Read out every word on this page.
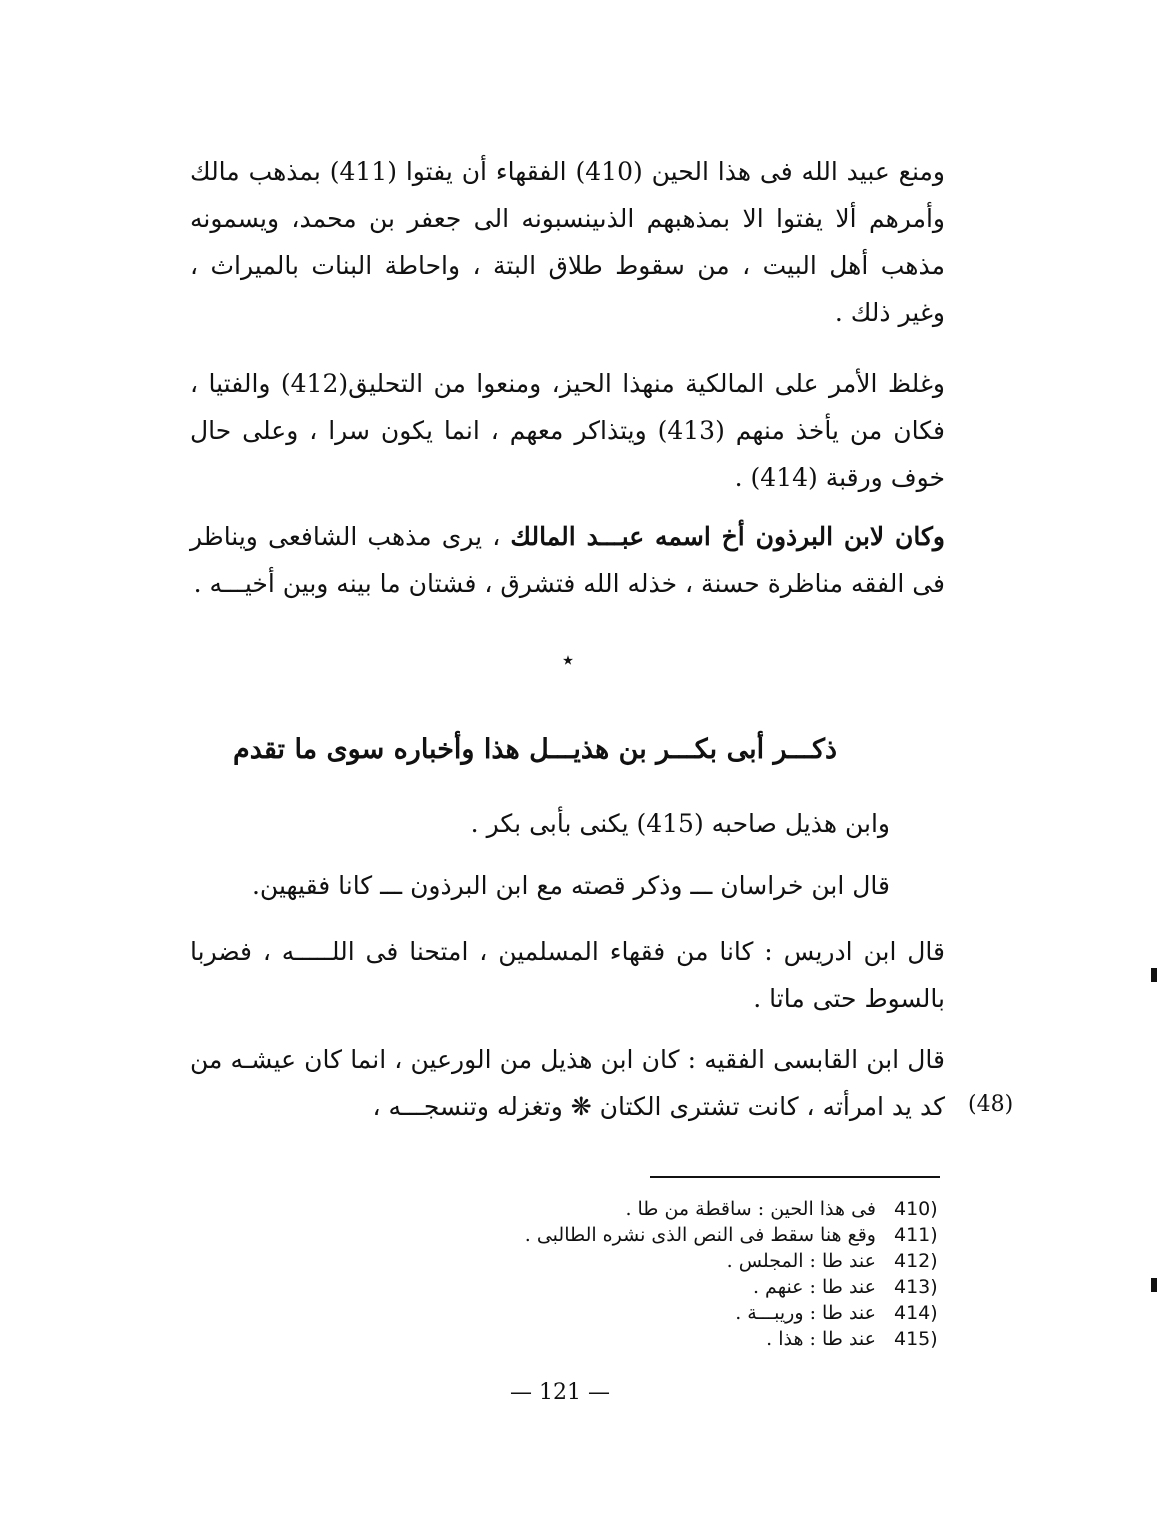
ومنع عبيد الله فى هذا الحين (410) الفقهاء أن يفتوا (411) بمذهب مالك وأمرهم ألا يفتوا الا بمذهبهم الذىينسبونه الى جعفر بن محمد، ويسمونه مذهب أهل البيت ، من سقوط طلاق البتة ، واحاطة البنات بالميراث ، وغير ذلك .

وغلظ الأمر على المالكية منهذا الحيز، ومنعوا من التحليق(412) والفتيا ، فكان من يأخذ منهم (413) ويتذاكر معهم ، انما يكون سرا ، وعلى حال خوف ورقبة (414) .

وكان لابن البرذون أخ اسمه عبـــد المالك ، يرى مذهب الشافعى ويناظر فى الفقه مناظرة حسنة ، خذله الله فتشرق ، فشتان ما بينه وبين أخيـــه .

٭
ذكـــر أبى بكـــر بن هذيـــل هذا وأخباره سوى ما تقدم
وابن هذيل صاحبه (415) يكنى بأبى بكر .
قال ابن خراسان ـــ وذكر قصته مع ابن البرذون ـــ كانا فقيهين.

قال ابن ادريس : كانا من فقهاء المسلمين ، امتحنا فى اللـــــه ، فضربا بالسوط حتى ماتا .

قال ابن القابسى الفقيه : كان ابن هذيل من الورعين ، انما كان عيشـه من كد يد امرأته ، كانت تشترى الكتان ❋ وتغزله وتنسجـــه ، (48)
410)
فى هذا الحين : ساقطة من طا .
411)
وقع هنا سقط فى النص الذى نشره الطالبى .
412)
عند طا : المجلس .
413)
عند طا : عنهم .
414)
عند طا : وريبـــة .
415)
عند طا : هذا .
— 121 —
